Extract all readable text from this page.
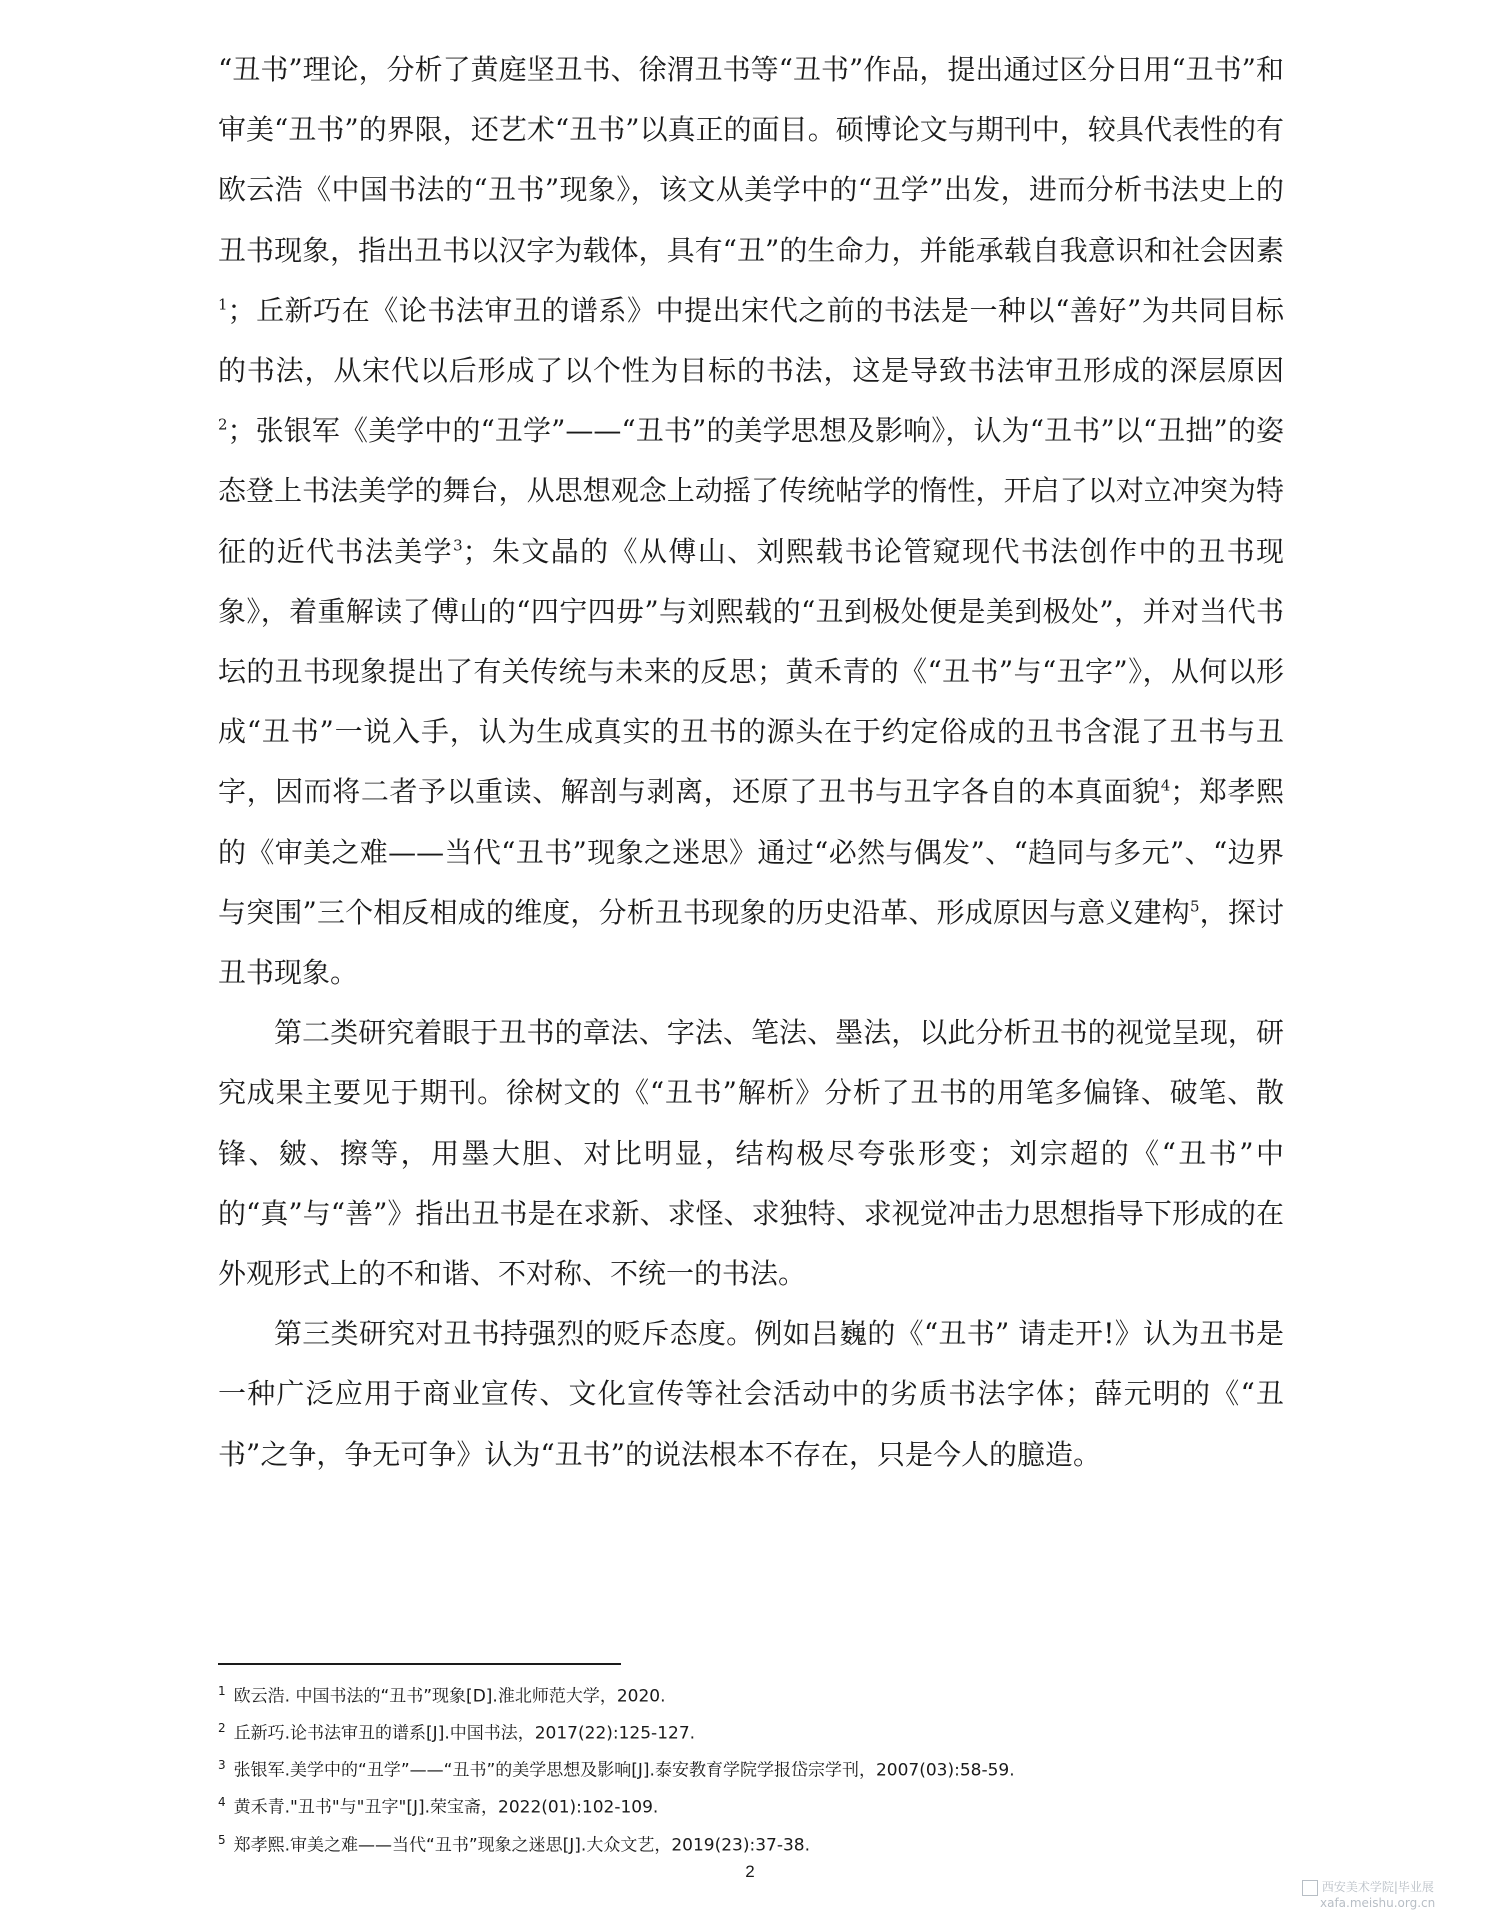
“丑书”理论，分析了黄庭坚丑书、徐渭丑书等“丑书”作品，提出通过区分日用“丑书”和审美“丑书”的界限，还艺术“丑书”以真正的面目。硕博论文与期刊中，较具代表性的有欧云浩《中国书法的“丑书”现象》，该文从美学中的“丑学”出发，进而分析书法史上的丑书现象，指出丑书以汉字为载体，具有“丑”的生命力，并能承载自我意识和社会因素$^1$；丘新巧在《论书法审丑的谱系》中提出宋代之前的书法是一种以“善好”为共同目标的书法，从宋代以后形成了以个性为目标的书法，这是导致书法审丑形成的深层原因$^2$；张银军《美学中的“丑学”——“丑书”的美学思想及影响》，认为“丑书”以“丑拙”的姿态登上书法美学的舞台，从思想观念上动摇了传统帖学的惰性，开启了以对立冲突为特征的近代书法美学$^3$；朱文晶的《从傅山、刘熙载书论管窥现代书法创作中的丑书现象》，着重解读了傅山的“四宁四毋”与刘熙载的“丑到极处便是美到极处”，并对当代书坛的丑书现象提出了有关传统与未来的反思；黄禾青的《“丑书”与“丑字”》，从何以形成“丑书”一说入手，认为生成真实的丑书的源头在于约定俗成的丑书含混了丑书与丑字，因而将二者予以重读、解剖与剥离，还原了丑书与丑字各自的本真面貌$^4$；郑孝熙的《审美之难——当代“丑书”现象之迷思》通过“必然与偶发”、“趋同与多元”、“边界与突围”三个相反相成的维度，分析丑书现象的历史沿革、形成原因与意义建构$^5$，探讨丑书现象。

第二类研究着眼于丑书的章法、字法、笔法、墨法，以此分析丑书的视觉呈现，研究成果主要见于期刊。徐树文的《“丑书”解析》分析了丑书的用笔多偏锋、破笔、散锋、皴、擦等，用墨大胆、对比明显，结构极尽夸张形变；刘宗超的《“丑书”中的“真”与“善”》指出丑书是在求新、求怪、求独特、求视觉冲击力思想指导下形成的在外观形式上的不和谐、不对称、不统一的书法。

第三类研究对丑书持强烈的贬斥态度。例如吕巍的《“丑书” 请走开!》认为丑书是一种广泛应用于商业宣传、文化宣传等社会活动中的劣质书法字体；薛元明的《“丑书”之争，争无可争》认为“丑书”的说法根本不存在，只是今人的臆造。

$^1$ 欧云浩. 中国书法的“丑书”现象[D].淮北师范大学，2020.
$^2$ 丘新巧.论书法审丑的谱系[J].中国书法，2017(22):125-127.
$^3$ 张银军.美学中的“丑学”——“丑书”的美学思想及影响[J].泰安教育学院学报岱宗学刊，2007(03):58-59.
$^4$ 黄禾青."丑书"与"丑字"[J].荣宝斋，2022(01):102-109.
$^5$ 郑孝熙.审美之难——当代“丑书”现象之迷思[J].大众文艺，2019(23):37-38.
2
西安美术学院|毕业展
xafa.meishu.org.cn
